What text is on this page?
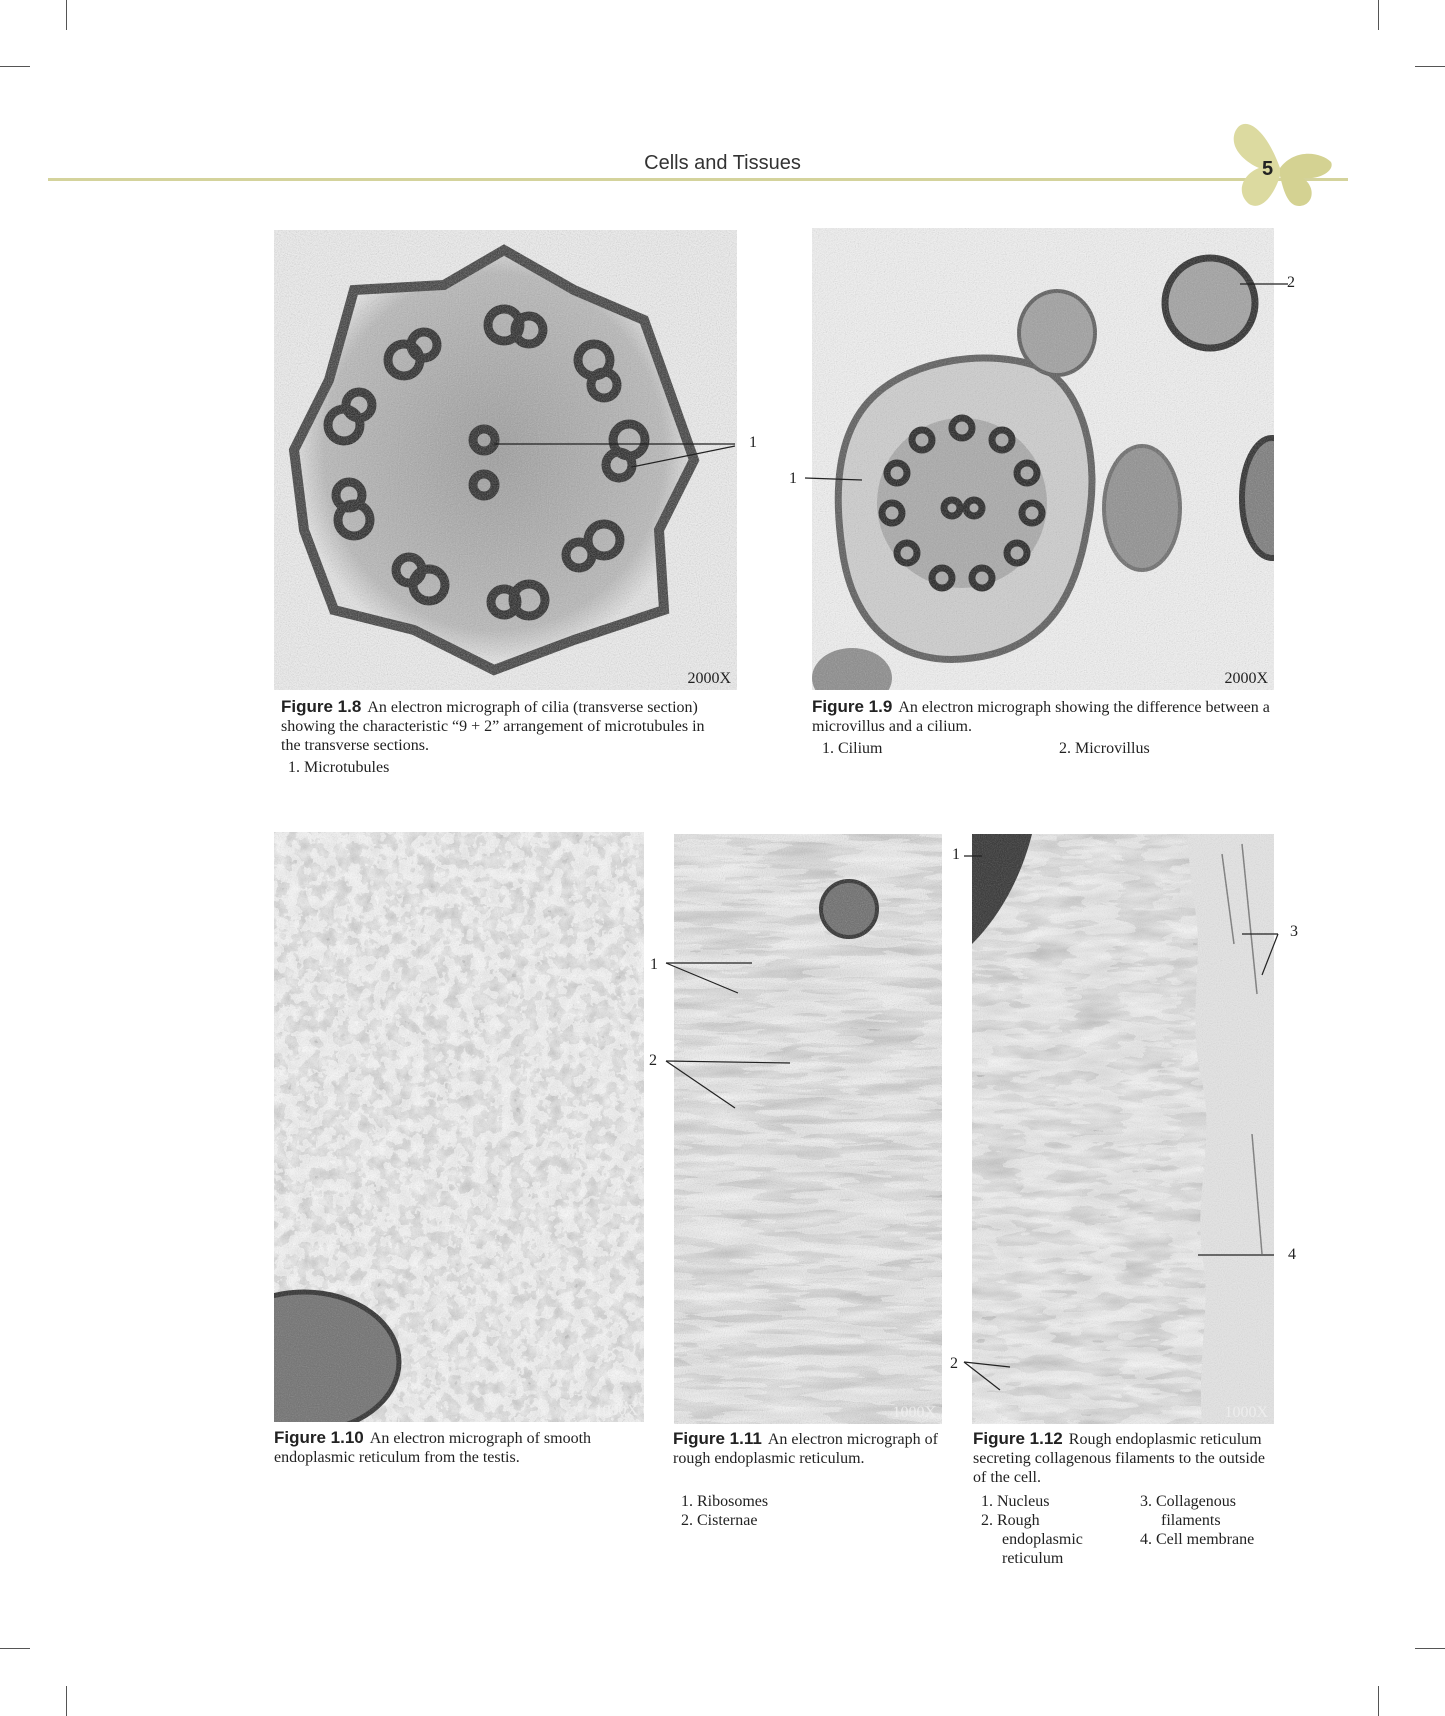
Cells and Tissues	5
2000X	2000X
1000X	1000X	1000X
1
2
1
1
2
1
2
3
4
Figure 1.8 An electron micrograph of cilia (transverse section) showing the characteristic “9 + 2” arrangement of microtubules in the transverse sections.
1. Microtubules
Figure 1.9 An electron micrograph showing the difference between a microvillus and a cilium.
1. Cilium	2. Microvillus
Figure 1.10 An electron micrograph of smooth endoplasmic reticulum from the testis.
Figure 1.11 An electron micrograph of rough endoplasmic reticulum.
1. Ribosomes
2. Cisternae
Figure 1.12 Rough endoplasmic reticulum secreting collagenous filaments to the outside of the cell.
1. Nucleus
2. Rough
endoplasmic
reticulum
3. Collagenous
filaments
4. Cell membrane
